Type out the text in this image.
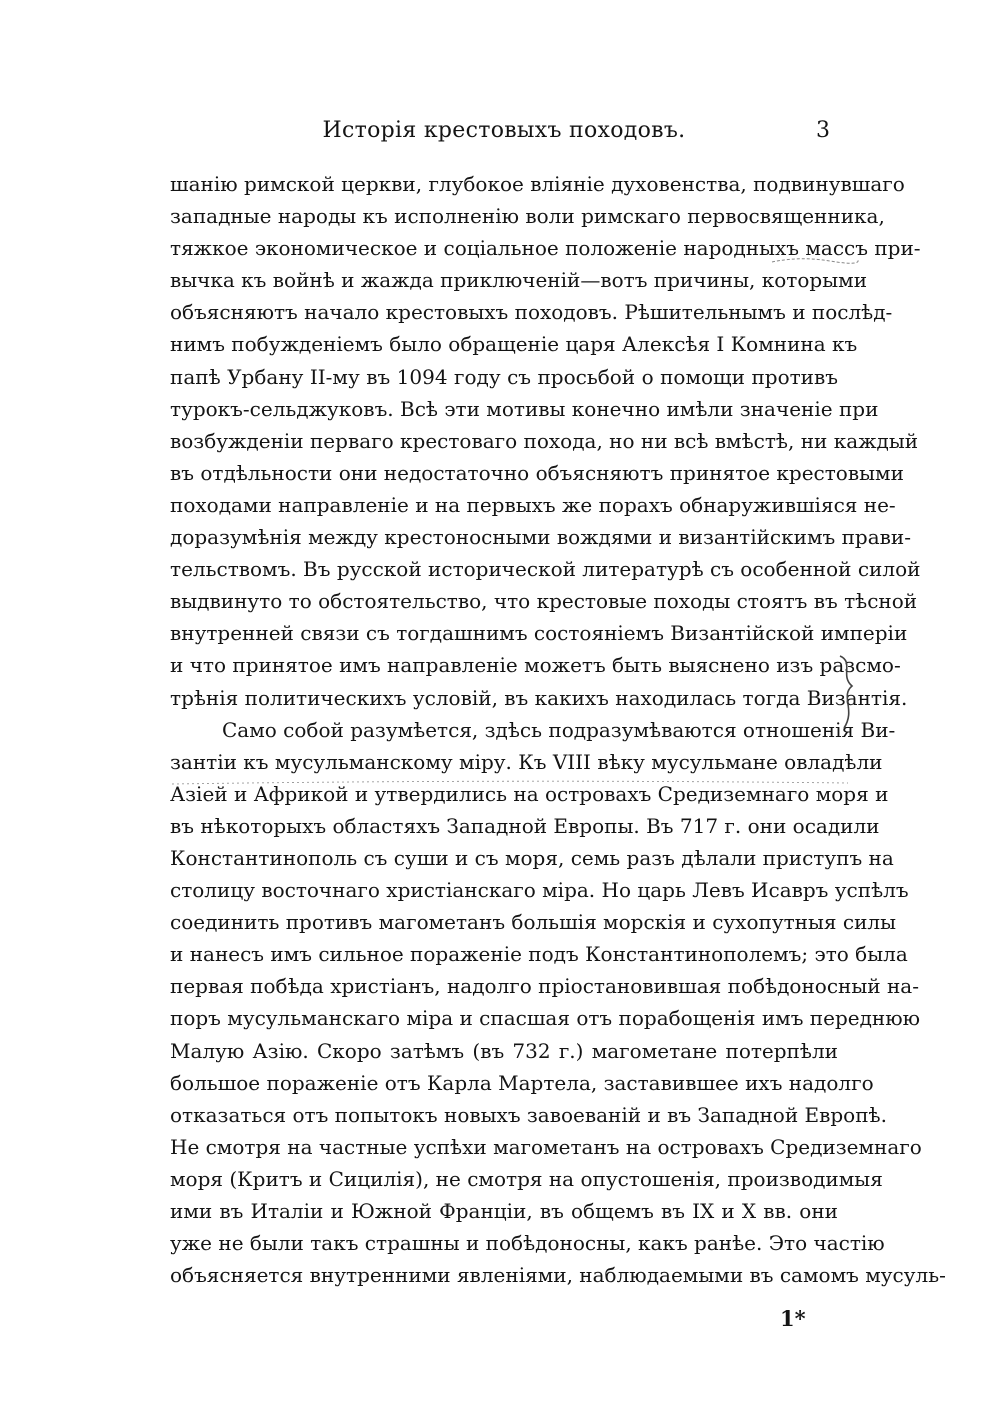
Исторія крестовыхъ походовъ.	3
шанію римской церкви, глубокое вліяніе духовенства, подвинувшаго
западные народы къ исполненію воли римскаго первосвященника,
тяжкое экономическое и соціальное положеніе народныхъ массъ при-
вычка къ войнѣ и жажда приключеній—вотъ причины, которыми
объясняютъ начало крестовыхъ походовъ. Рѣшительнымъ и послѣд-
нимъ побужденіемъ было обращеніе царя Алексѣя I Комнина къ
папѣ Урбану II-му въ 1094 году съ просьбой о помощи противъ
турокъ-сельджуковъ. Всѣ эти мотивы конечно имѣли значеніе при
возбужденіи перваго крестоваго похода, но ни всѣ вмѣстѣ, ни каждый
въ отдѣльности они недостаточно объясняютъ принятое крестовыми
походами направленіе и на первыхъ же порахъ обнаружившіяся не-
доразумѣнія между крестоносными вождями и византійскимъ прави-
тельствомъ. Въ русской исторической литературѣ съ особенной силой
выдвинуто то обстоятельство, что крестовые походы стоятъ въ тѣсной
внутренней связи съ тогдашнимъ состояніемъ Византійской имперіи
и что принятое имъ направленіе можетъ быть выяснено изъ разсмо-
трѣнія политическихъ условій, въ какихъ находилась тогда Византія.
Само собой разумѣется, здѣсь подразумѣваются отношенія Ви-
зантіи къ мусульманскому міру. Къ VIII вѣку мусульмане овладѣли
Азіей и Африкой и утвердились на островахъ Средиземнаго моря и
въ нѣкоторыхъ областяхъ Западной Европы. Въ 717 г. они осадили
Константинополь съ суши и съ моря, семь разъ дѣлали приступъ на
столицу восточнаго христіанскаго міра. Но царь Левъ Исавръ успѣлъ
соединить противъ магометанъ большія морскія и сухопутныя силы
и нанесъ имъ сильное пораженіе подъ Константинополемъ; это была
первая побѣда христіанъ, надолго пріостановившая побѣдоносный на-
поръ мусульманскаго міра и спасшая отъ порабощенія имъ переднюю
Малую Азію. Скоро затѣмъ (въ 732 г.) магометане потерпѣли
большое пораженіе отъ Карла Мартела, заставившее ихъ надолго
отказаться отъ попытокъ новыхъ завоеваній и въ Западной Европѣ.
Не смотря на частные успѣхи магометанъ на островахъ Средиземнаго
моря (Критъ и Сицилія), не смотря на опустошенія, производимыя
ими въ Италіи и Южной Франціи, въ общемъ въ IX и X вв. они
уже не были такъ страшны и побѣдоносны, какъ ранѣе. Это частію
объясняется внутренними явленіями, наблюдаемыми въ самомъ мусуль-
1*
